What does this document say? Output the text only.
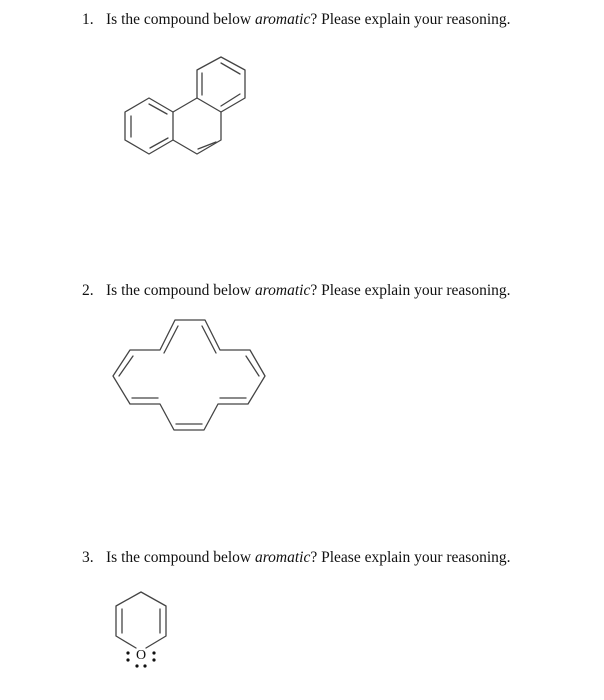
1. Is the compound below aromatic? Please explain your reasoning.
2. Is the compound below aromatic? Please explain your reasoning.
3. Is the compound below aromatic? Please explain your reasoning.
O
